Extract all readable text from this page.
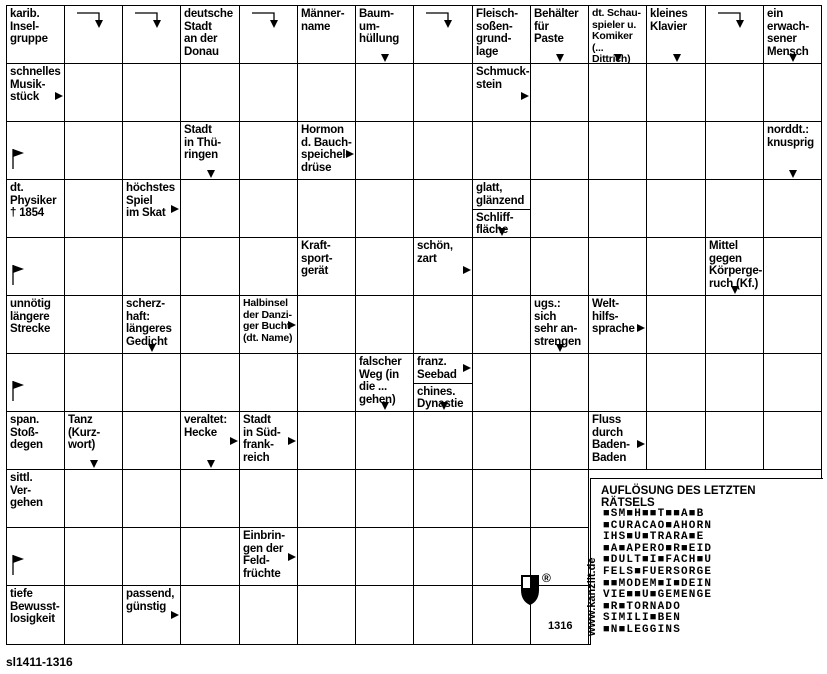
karib.
Insel-
gruppe
deutsche
Stadt
an der
Donau
Männer-
name
Baum-
um-
hüllung
Fleisch-
soßen-
grund-
lage
Behälter
für
Paste
dt. Schau-
spieler u.
Komiker
(... Dittrich)
kleines
Klavier
ein
erwach-
sener
Mensch
schnelles
Musik-
stück
Schmuck-
stein
Stadt
in Thü-
ringen
Hormon
d. Bauch-
speichel-
drüse
norddt.:
knusprig
dt.
Physiker
† 1854
höchstes
Spiel
im Skat
glatt,
glänzend
Schliff-
fläche
Kraft-
sport-
gerät
schön,
zart
Mittel
gegen
Körperge-
ruch (Kf.)
unnötig
längere
Strecke
scherz-
haft:
längeres
Gedicht
Halbinsel
der Danzi-
ger Bucht
(dt. Name)
ugs.: sich
sehr an-
strengen
Welt-
hilfs-
sprache
falscher
Weg (in
die ...
gehen)
franz.
Seebad
chines.
Dynastie
span.
Stoß-
degen
Tanz
(Kurz-
wort)
veraltet:
Hecke
Stadt
in Süd-
frank-
reich
Fluss
durch
Baden-
Baden
sittl.
Ver-
gehen
Einbrin-
gen der
Feld-
früchte
tiefe
Bewusst-
losigkeit
passend,
günstig
AUFLÖSUNG DES LETZTEN
RÄTSELS
■SM■H■■T■■A■B
■CURACAO■AHORN
IHS■U■TRARA■E
■A■APERO■R■EID
■DULT■I■FACH■U
FELS■FUERSORGE
■■MODEM■I■DEIN
VIE■■U■GEMENGE
■R■TORNADO
SIMILI■BEN
■N■LEGGINS
1316 www.kanzlit.de
®
sl1411-1316
